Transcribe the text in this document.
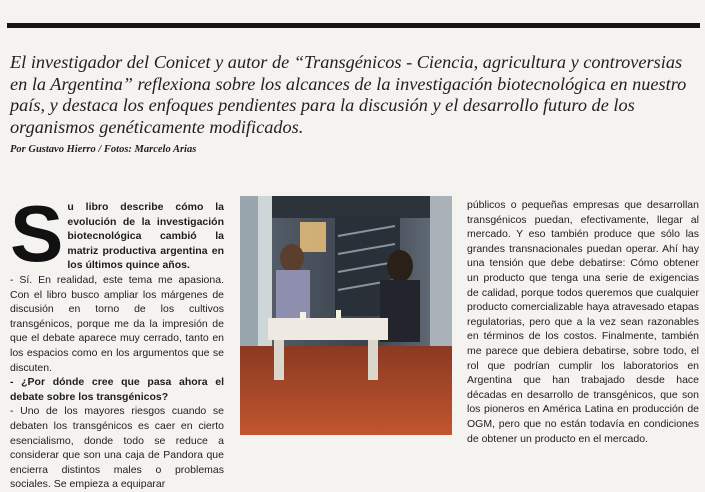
El investigador del Conicet y autor de “Transgénicos - Ciencia, agricultura y controversias en la Argentina” reflexiona sobre los alcances de la investigación biotecnológica en nuestro país, y destaca los enfoques pendientes para la discusión y el desarrollo futuro de los organismos genéticamente modificados.

Por Gustavo Hierro / Fotos: Marcelo Arias
S u libro describe cómo la evolución de la investigación biotecnológica cambió la matriz productiva argentina en los últimos quince años.

- Sí. En realidad, este tema me apasiona. Con el libro busco ampliar los márgenes de discusión en torno de los cultivos transgénicos, porque me da la impresión de que el debate aparece muy cerrado, tanto en los espacios como en los argumentos que se discuten.

- ¿Por dónde cree que pasa ahora el debate sobre los transgénicos?

- Uno de los mayores riesgos cuando se debaten los transgénicos es caer en cierto esencialismo, donde todo se reduce a considerar que son una caja de Pandora que encierra distintos males o problemas sociales. Se empieza a equiparar

públicos o pequeñas empresas que desarrollan transgénicos puedan, efectivamente, llegar al mercado. Y eso también produce que sólo las grandes transnacionales puedan operar. Ahí hay una tensión que debe debatirse: Cómo obtener un producto que tenga una serie de exigencias de calidad, porque todos queremos que cualquier producto comercializable haya atravesado etapas regulatorias, pero que a la vez sean razonables en términos de los costos. Finalmente, también me parece que debiera debatirse, sobre todo, el rol que podrían cumplir los laboratorios en Argentina que han trabajado desde hace décadas en desarrollo de transgénicos, que son los pioneros en América Latina en producción de OGM, pero que no están todavía en condiciones de obtener un producto en el mercado.
